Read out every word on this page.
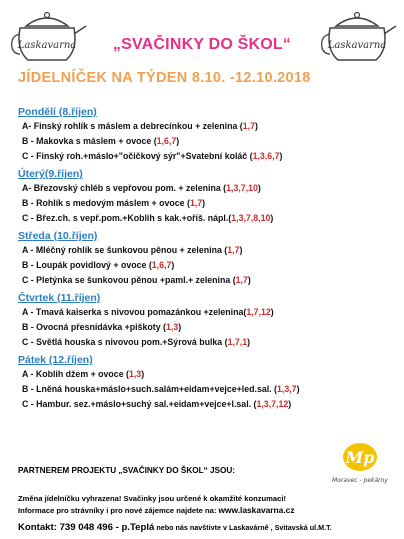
Laskavarna	Laskavarna
„SVAČINKY DO ŠKOL“
JÍDELNÍČEK NA TÝDEN 8.10. -12.10.2018
Pondělí (8.říjen)
A- Finský rohlík s máslem a debrecínkou + zelenina (1,7)
B - Makovka s máslem + ovoce (1,6,7)
C - Finský roh.+máslo+"očičkový sýr"+Svatební koláč (1,3,6,7)
Úterý(9.říjen)
A- Březovský chléb s vepřovou pom. + zelenina (1,3,7,10)
B - Rohlík s medovým máslem + ovoce (1,7)
C - Břez.ch. s vepř.pom.+Koblih s kak.+oříš. nápl.(1,3,7,8,10)
Středa (10.říjen)
A - Mléčný rohlík se šunkovou pěnou + zelenina (1,7)
B - Loupák povidlový + ovoce (1,6,7)
C - Pletýnka se šunkovou pěnou +paml.+ zelenina (1,7)
Čtvrtek (11.říjen)
A - Tmavá kaiserka s nivovou pomazánkou +zelenina(1,7,12)
B - Ovocná přesnídávka +piškoty (1,3)
C - Světlá houska s nivovou pom.+Sýrová bulka (1,7,1)
Pátek (12.říjen)
A - Koblih džem + ovoce (1,3)
B - Lněná houska+máslo+such.salám+eidam+vejce+led.sal. (1,3,7)
C - Hambur. sez.+máslo+suchý sal.+eidam+vejce+l.sal. (1,3,7,12)
PARTNEREM PROJEKTU „SVAČINKY DO ŠKOL“ JSOU:
Mp
Moravec - pekárny
Změna jídelníčku vyhrazena! Svačinky jsou určené k okamžité konzumaci!
Informace pro strávníky i pro nové zájemce najdete na: www.laskavarna.cz
Kontakt: 739 048 496 - p.Teplá nebo nás navštivte v Laskavárně , Svitavská ul.M.T.
